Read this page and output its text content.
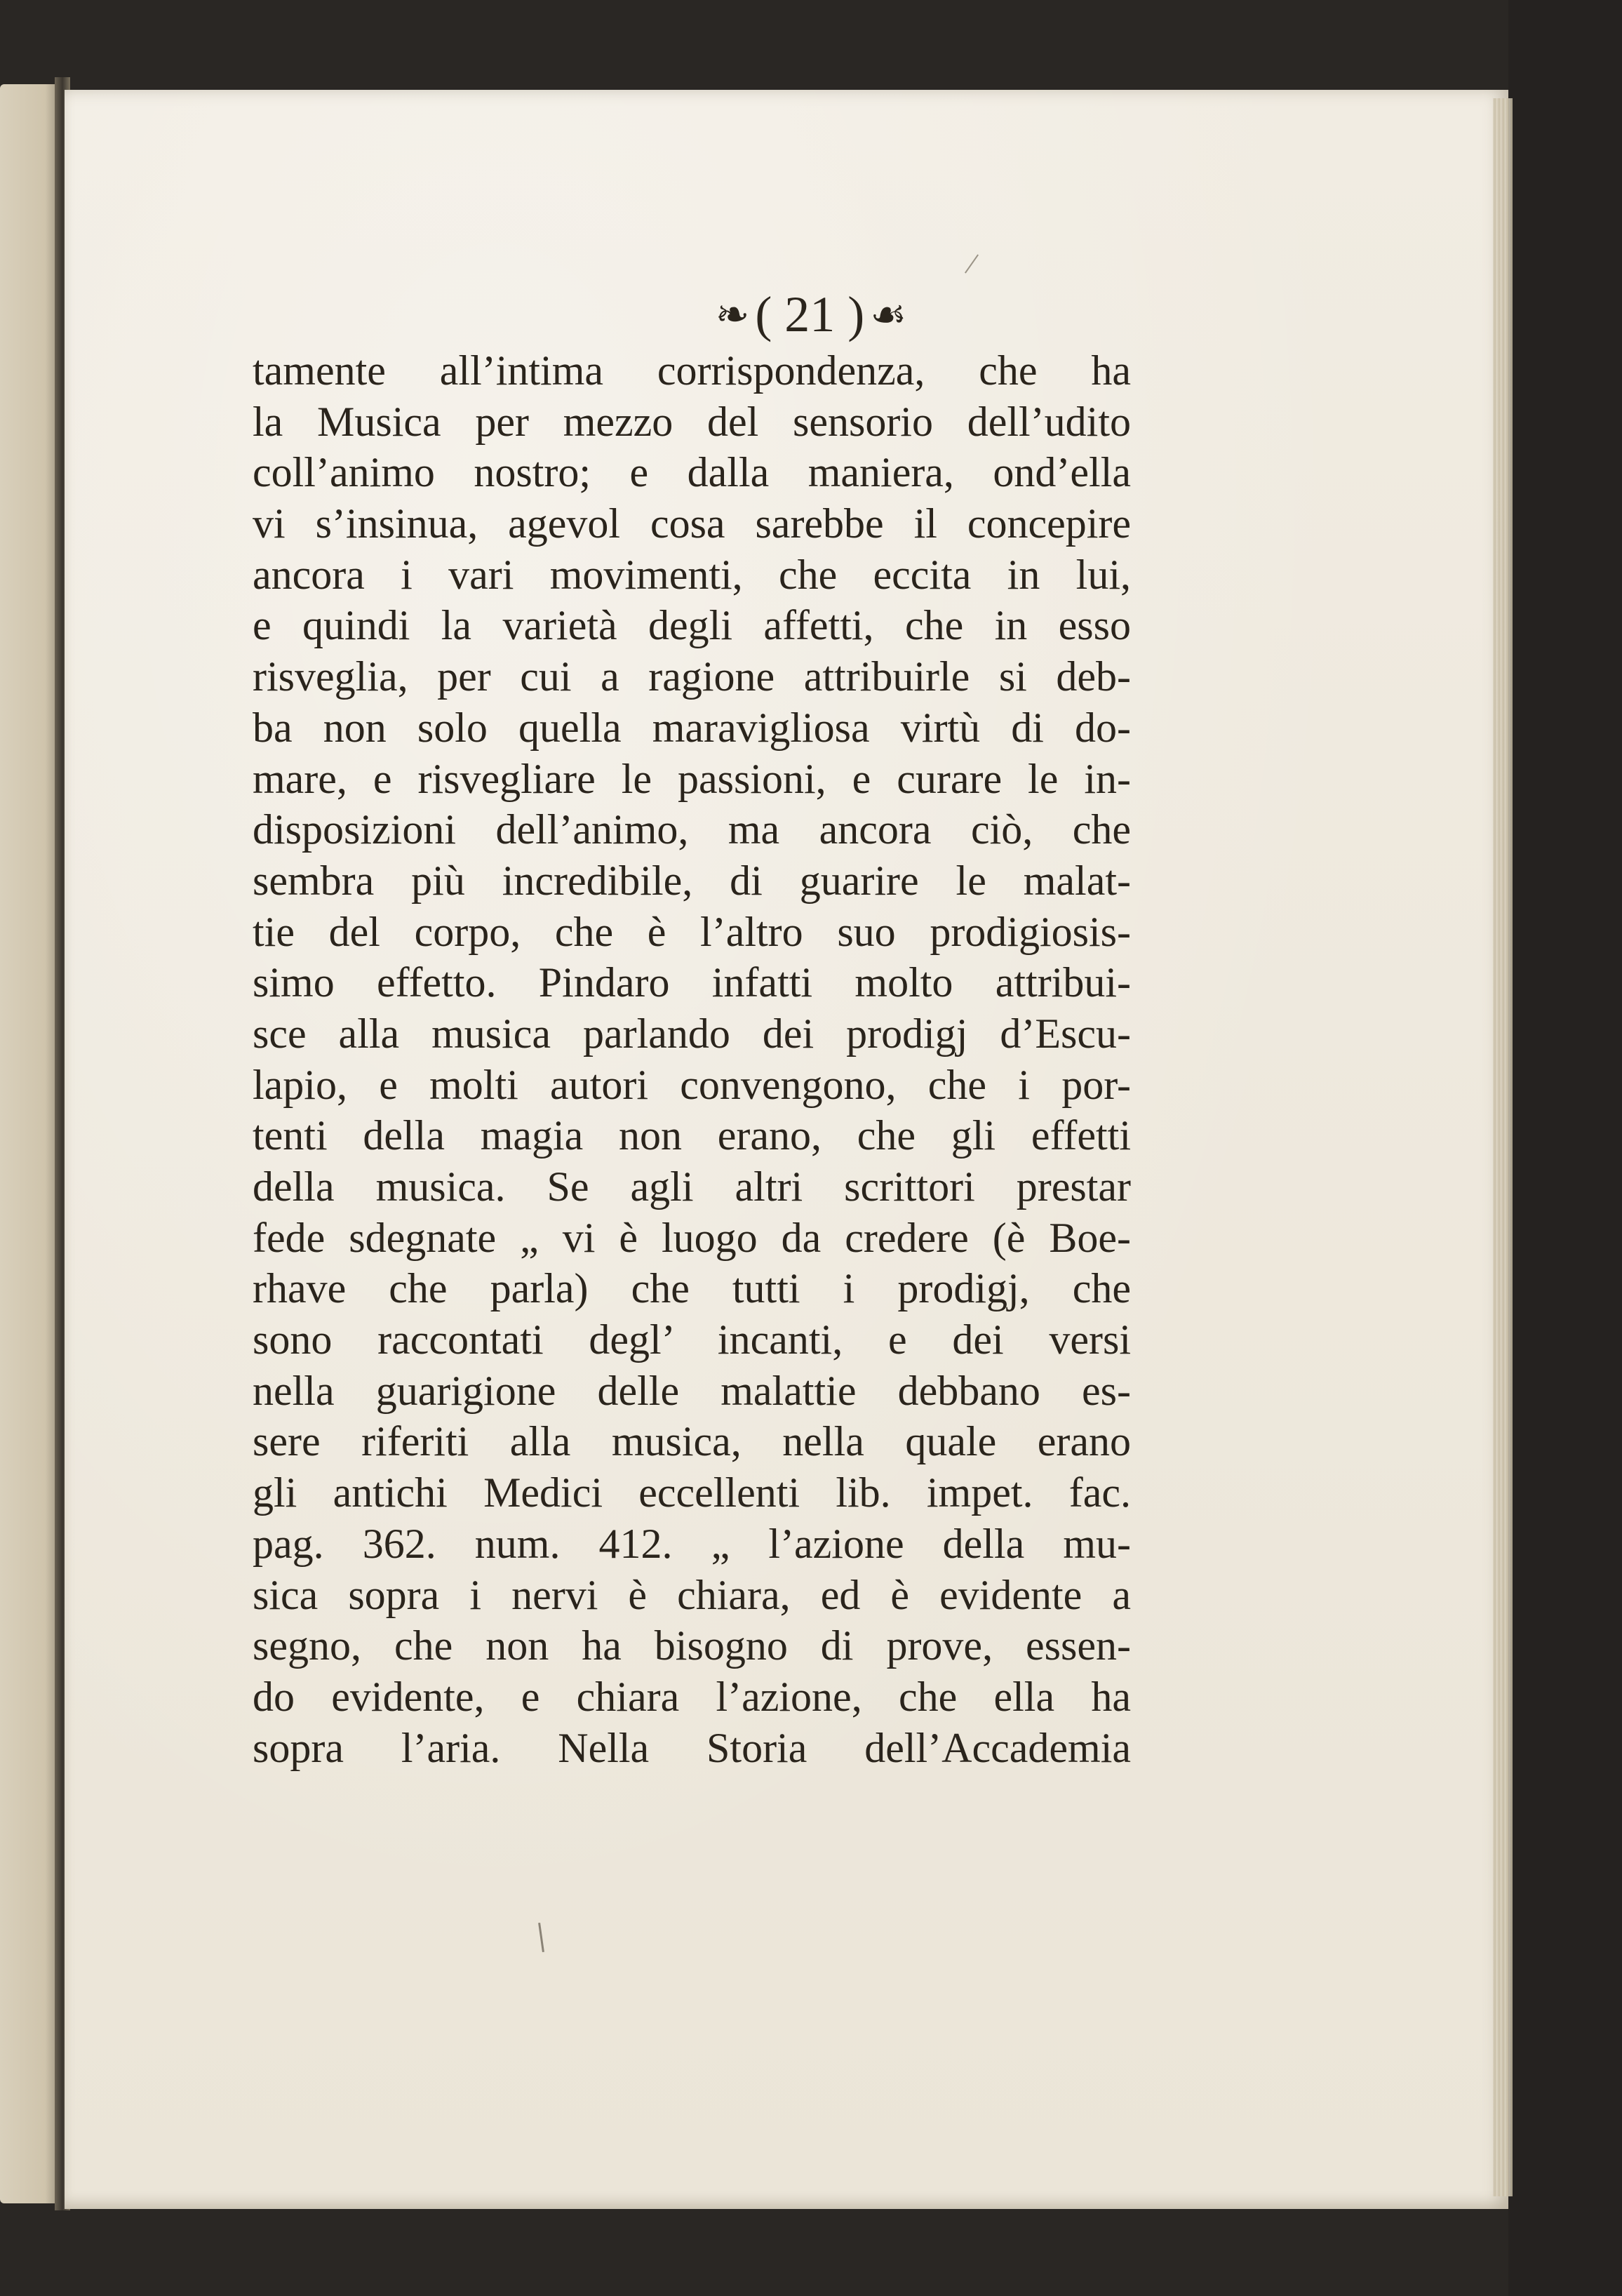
❧ ( 21 ) ☙
tamente all’intima corrispondenza, che ha
la Musica per mezzo del sensorio dell’udito
coll’animo nostro; e dalla maniera, ond’ella
vi s’insinua, agevol cosa sarebbe il concepire
ancora i vari movimenti, che eccita in lui,
e quindi la varietà degli affetti, che in esso
risveglia, per cui a ragione attribuirle si deb-
ba non solo quella maravigliosa virtù di do-
mare, e risvegliare le passioni, e curare le in-
disposizioni dell’animo, ma ancora ciò, che
sembra più incredibile, di guarire le malat-
tie del corpo, che è l’altro suo prodigiosis-
simo effetto. Pindaro infatti molto attribui-
sce alla musica parlando dei prodigj d’Escu-
lapio, e molti autori convengono, che i por-
tenti della magia non erano, che gli effetti
della musica. Se agli altri scrittori prestar
fede sdegnate „ vi è luogo da credere (è Boe-
rhave che parla) che tutti i prodigj, che
sono raccontati degl’ incanti, e dei versi
nella guarigione delle malattie debbano es-
sere riferiti alla musica, nella quale erano
gli antichi Medici eccellenti lib. impet. fac.
pag. 362. num. 412. „ l’azione della mu-
sica sopra i nervi è chiara, ed è evidente a
segno, che non ha bisogno di prove, essen-
do evidente, e chiara l’azione, che ella ha
sopra l’aria. Nella Storia dell’Accademia
